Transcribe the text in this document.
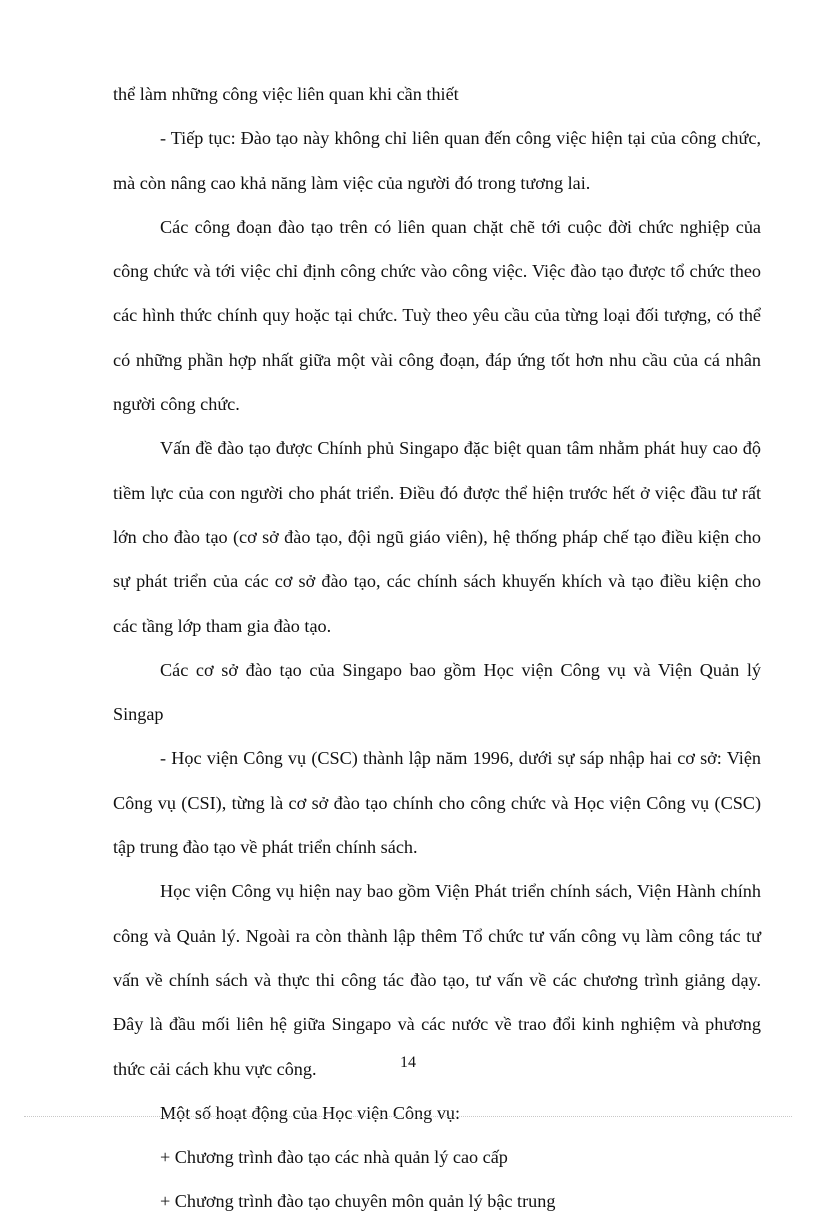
thể làm những công việc liên quan khi cần thiết

- Tiếp tục: Đào tạo này không chỉ liên quan đến công việc hiện tại của công chức, mà còn nâng cao khả năng làm việc của người đó trong tương lai.

Các công đoạn đào tạo trên có liên quan chặt chẽ tới cuộc đời chức nghiệp của công chức và tới việc chỉ định công chức vào công việc. Việc đào tạo được tổ chức theo các hình thức chính quy hoặc tại chức. Tuỳ theo yêu cầu của từng loại đối tượng, có thể có những phần hợp nhất giữa một vài công đoạn, đáp ứng tốt hơn nhu cầu của cá nhân người công chức.

Vấn đề đào tạo được Chính phủ Singapo đặc biệt quan tâm nhằm phát huy cao độ tiềm lực của con người cho phát triển. Điều đó được thể hiện trước hết ở việc đầu tư rất lớn cho đào tạo (cơ sở đào tạo, đội ngũ giáo viên), hệ thống pháp chế tạo điều kiện cho sự phát triển của các cơ sở đào tạo, các chính sách khuyến khích và tạo điều kiện cho các tầng lớp tham gia đào tạo.

Các cơ sở đào tạo của Singapo bao gồm Học viện Công vụ và Viện Quản lý Singap

- Học viện Công vụ (CSC) thành lập năm 1996, dưới sự sáp nhập hai cơ sở: Viện Công vụ (CSI), từng là cơ sở đào tạo chính cho công chức và Học viện Công vụ (CSC) tập trung đào tạo về phát triển chính sách.

Học viện Công vụ hiện nay bao gồm Viện Phát triển chính sách, Viện Hành chính công và Quản lý. Ngoài ra còn thành lập thêm Tổ chức tư vấn công vụ làm công tác tư vấn về chính sách và thực thi công tác đào tạo, tư vấn về các chương trình giảng dạy. Đây là đầu mối liên hệ giữa Singapo và các nước về trao đổi kinh nghiệm và phương thức cải cách khu vực công.

Một số hoạt động của Học viện Công vụ:

+ Chương trình đào tạo các nhà quản lý cao cấp

+ Chương trình đào tạo chuyên môn quản lý bậc trung

14
